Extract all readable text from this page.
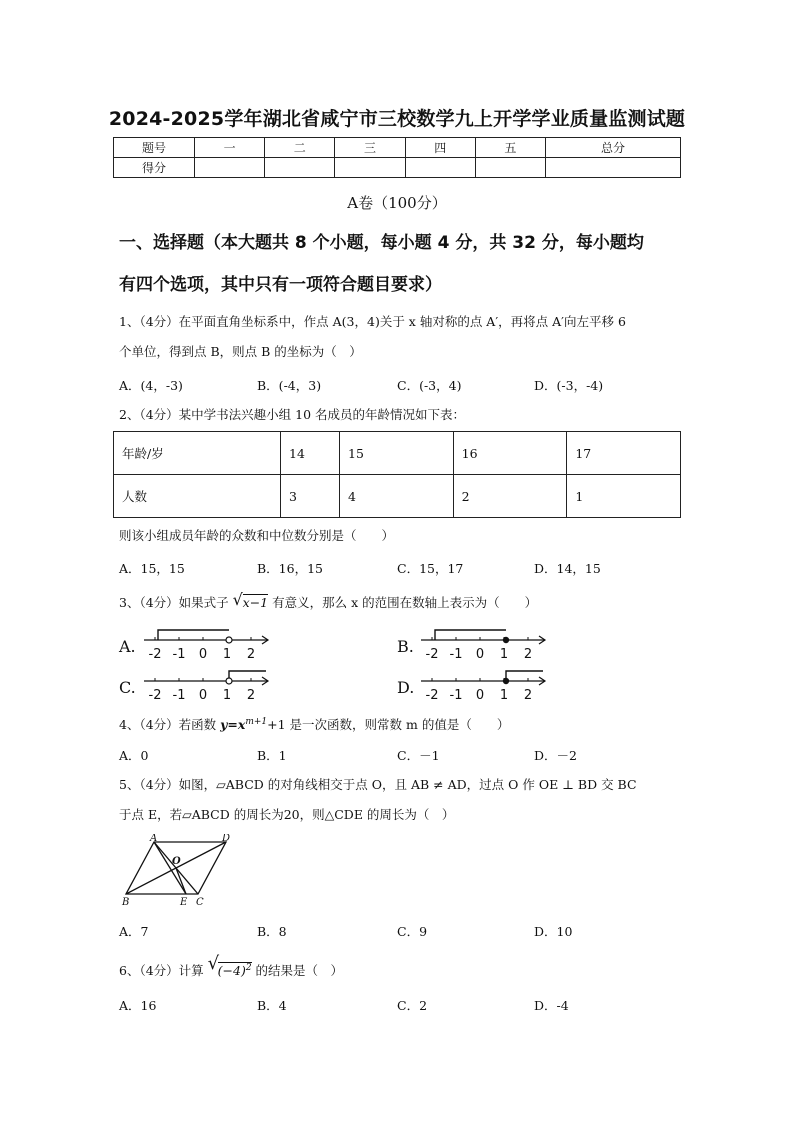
2024-2025学年湖北省咸宁市三校数学九上开学学业质量监测试题
题号	一	二	三	四	五	总分
得分						
A卷（100分）
一、选择题（本大题共 8 个小题，每小题 4 分，共 32 分，每小题均
有四个选项，其中只有一项符合题目要求）
1、（4分）在平面直角坐标系中，作点 A(3，4)关于 x 轴对称的点 A′，再将点 A′向左平移 6
个单位，得到点 B，则点 B 的坐标为（　）
A．(4，-3)	B．(-4，3)	C．(-3，4)	D．(-3，-4)
2、（4分）某中学书法兴趣小组 10 名成员的年龄情况如下表：
年龄/岁	14	15	16	17
人数	3	4	2	1
则该小组成员年龄的众数和中位数分别是（　　）
A．15，15	B．16，15	C．15，17	D．14，15
3、（4分）如果式子 √ x−1 有意义，那么 x 的范围在数轴上表示为（　　）
A.	B.
C.	D.
-2 -1 0 1 2	-2 -1 0 1 2
-2 -1 0 1 2	-2 -1 0 1 2
4、（4分）若函数 $y=x^{m+1}+1$ 是一次函数，则常数 m 的值是（　　）
A．0	B．1	C．－1	D．－2
5、（4分）如图，▱ABCD 的对角线相交于点 O，且 AB ≠ AD，过点 O 作 OE ⊥ BD 交 BC
于点 E，若▱ABCD 的周长为20，则△CDE 的周长为（　）
A	D
O
B	E C
A．7	B．8	C．9	D．10
6、（4分）计算 √
$(-4)^2$ 的结果是（　）
A．16	B．4	C．2	D．-4
